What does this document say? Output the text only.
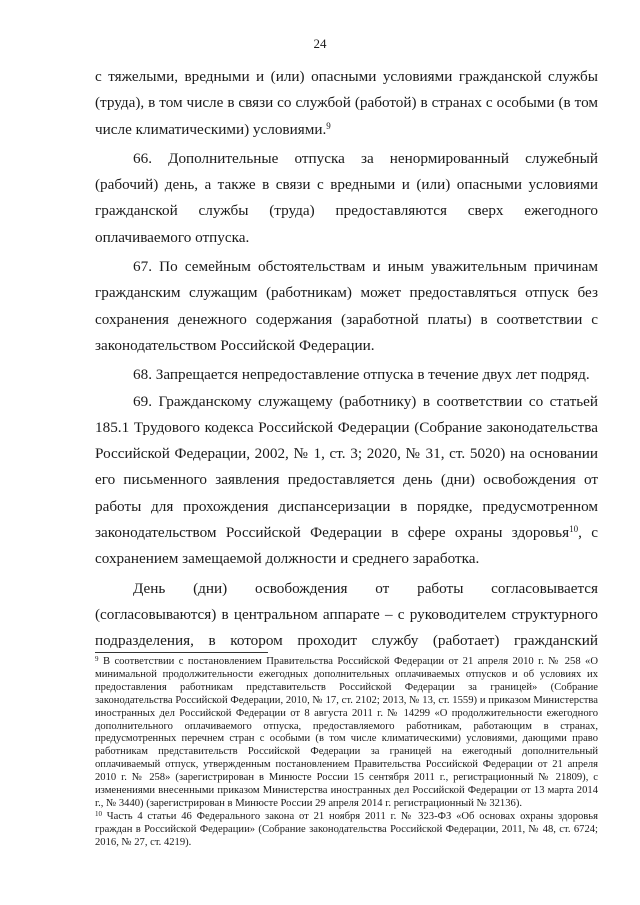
24

с тяжелыми, вредными и (или) опасными условиями гражданской службы (труда), в том числе в связи со службой (работой) в странах с особыми (в том числе климатическими) условиями.$^9$

66. Дополнительные отпуска за ненормированный служебный (рабочий) день, а также в связи с вредными и (или) опасными условиями гражданской службы (труда) предоставляются сверх ежегодного оплачиваемого отпуска.

67. По семейным обстоятельствам и иным уважительным причинам гражданским служащим (работникам) может предоставляться отпуск без сохранения денежного содержания (заработной платы) в соответствии с законодательством Российской Федерации.

68. Запрещается непредоставление отпуска в течение двух лет подряд.

69. Гражданскому служащему (работнику) в соответствии со статьей 185.1 Трудового кодекса Российской Федерации (Собрание законодательства Российской Федерации, 2002, № 1, ст. 3; 2020, № 31, ст. 5020) на основании его письменного заявления предоставляется день (дни) освобождения от работы для прохождения диспансеризации в порядке, предусмотренном законодательством Российской Федерации в сфере охраны здоровья$^{10}$, с сохранением замещаемой должности и среднего заработка.

День (дни) освобождения от работы согласовывается (согласовываются) в центральном аппарате – с руководителем структурного подразделения, в котором проходит службу (работает) гражданский

$^9$ В соответствии с постановлением Правительства Российской Федерации от 21 апреля 2010 г. № 258 «О минимальной продолжительности ежегодных дополнительных оплачиваемых отпусков и об условиях их предоставления работникам представительств Российской Федерации за границей» (Собрание законодательства Российской Федерации, 2010, № 17, ст. 2102; 2013, № 13, ст. 1559) и приказом Министерства иностранных дел Российской Федерации от 8 августа 2011 г. № 14299 «О продолжительности ежегодного дополнительного оплачиваемого отпуска, предоставляемого работникам, работающим в странах, предусмотренных перечнем стран с особыми (в том числе климатическими) условиями, дающими право работникам представительств Российской Федерации за границей на ежегодный дополнительный оплачиваемый отпуск, утвержденным постановлением Правительства Российской Федерации от 21 апреля 2010 г. № 258» (зарегистрирован в Минюсте России 15 сентября 2011 г., регистрационный № 21809), с изменениями внесенными приказом Министерства иностранных дел Российской Федерации от 13 марта 2014 г., № 3440) (зарегистрирован в Минюсте России 29 апреля 2014 г. регистрационный № 32136).

$^{10}$ Часть 4 статьи 46 Федерального закона от 21 ноября 2011 г. № 323-ФЗ «Об основах охраны здоровья граждан в Российской Федерации» (Собрание законодательства Российской Федерации, 2011, № 48, ст. 6724; 2016, № 27, ст. 4219).
